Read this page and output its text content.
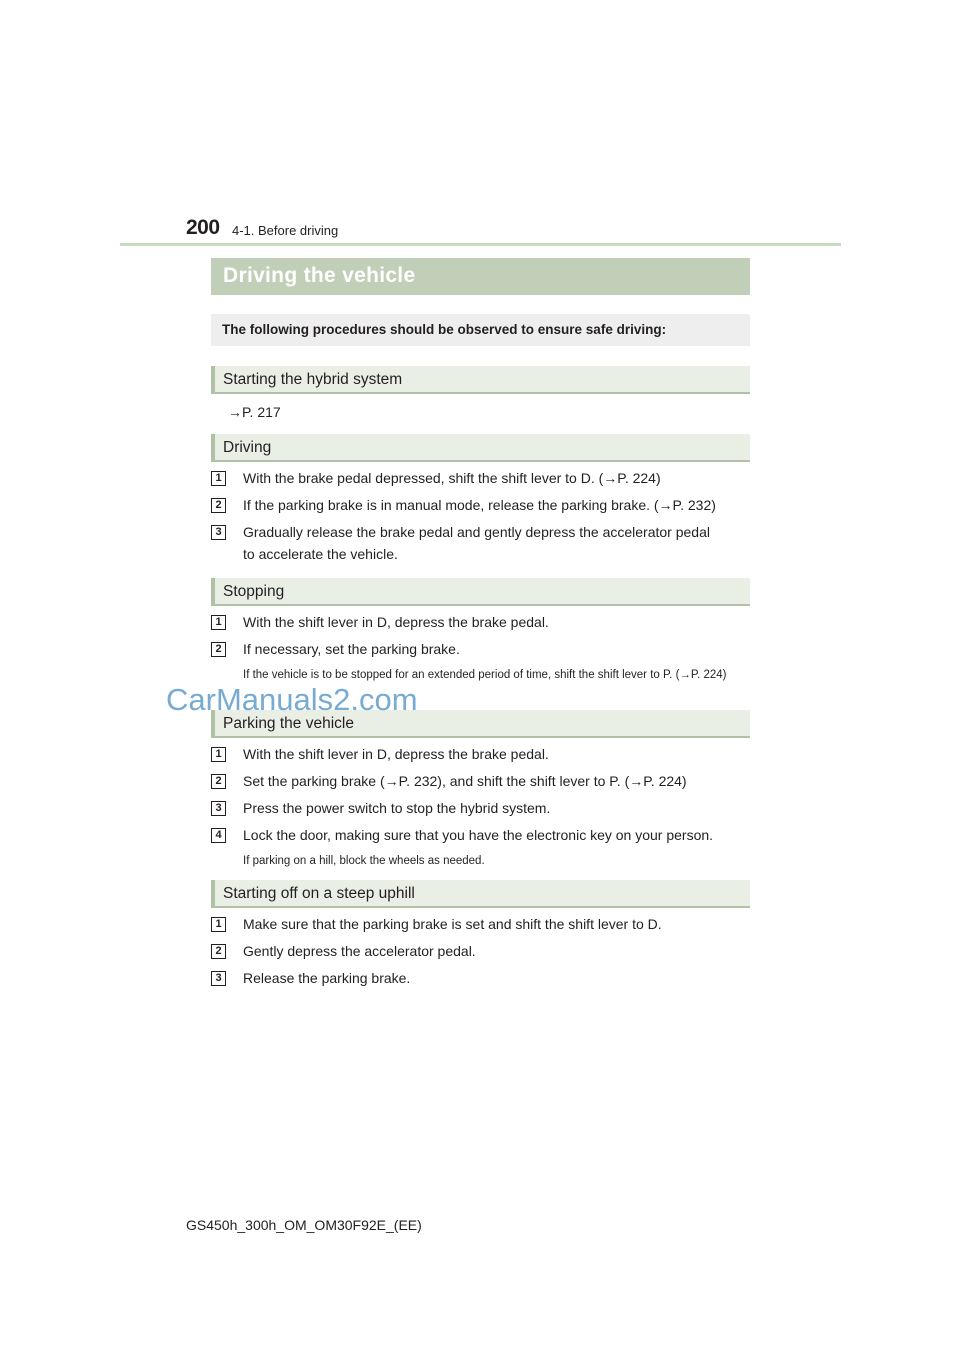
200 4-1. Before driving
Driving the vehicle
The following procedures should be observed to ensure safe driving:
Starting the hybrid system
→P. 217
Driving
1	With the brake pedal depressed, shift the shift lever to D. (→P. 224)
2	If the parking brake is in manual mode, release the parking brake. (→P. 232)
3	Gradually release the brake pedal and gently depress the accelerator pedal
to accelerate the vehicle.
Stopping
1	With the shift lever in D, depress the brake pedal.
2	If necessary, set the parking brake.
If the vehicle is to be stopped for an extended period of time, shift the shift lever to P. (→P. 224)
Parking the vehicle
1	With the shift lever in D, depress the brake pedal.
2	Set the parking brake (→P. 232), and shift the shift lever to P. (→P. 224)
3	Press the power switch to stop the hybrid system.
4	Lock the door, making sure that you have the electronic key on your person.
If parking on a hill, block the wheels as needed.
Starting off on a steep uphill
1	Make sure that the parking brake is set and shift the shift lever to D.
2	Gently depress the accelerator pedal.
3	Release the parking brake.
CarManuals2.com
GS450h_300h_OM_OM30F92E_(EE)
